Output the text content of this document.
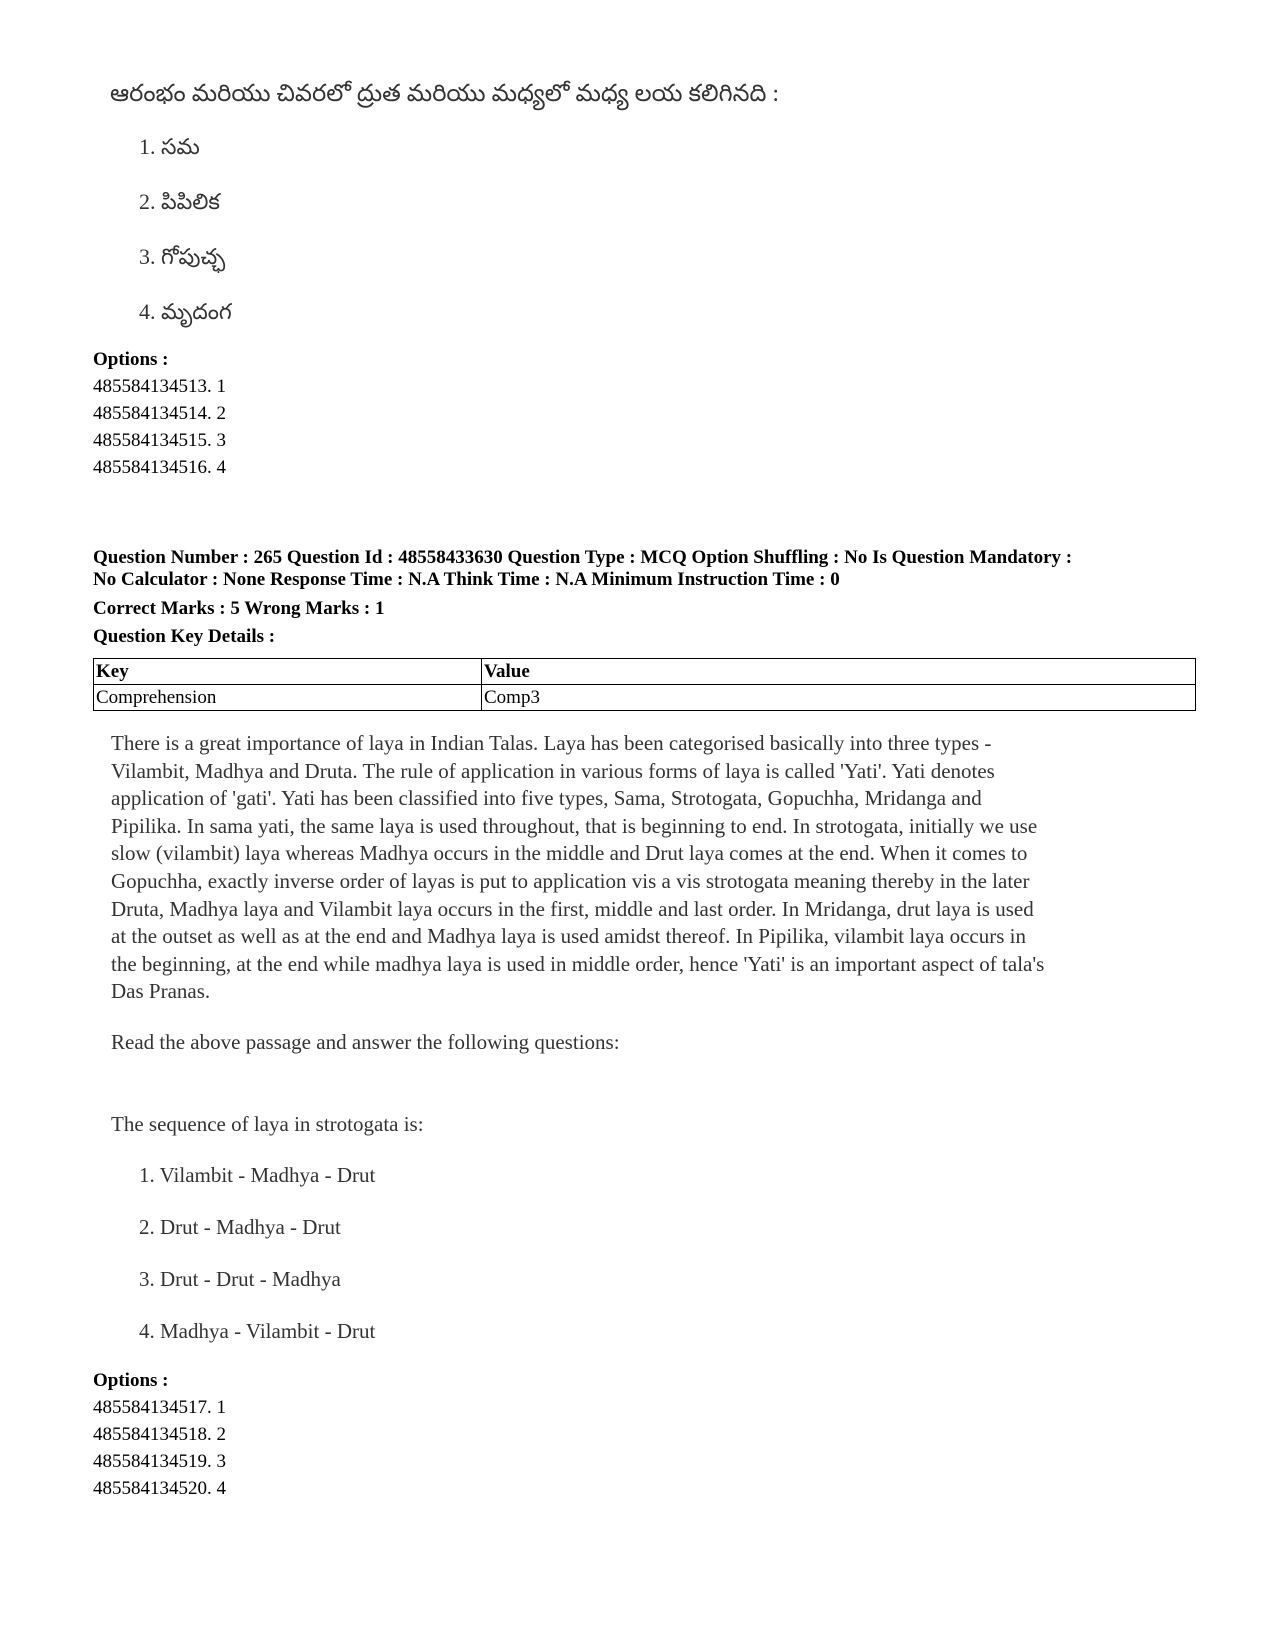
ఆరంభం మరియు చివరలో ద్రుత మరియు మధ్యలో మధ్య లయ కలిగినది :
1. సమ
2. పిపిలిక
3. గోపుచ్ఛ
4. మృదంగ
Options :
485584134513. 1
485584134514. 2
485584134515. 3
485584134516. 4
Question Number : 265 Question Id : 48558433630 Question Type : MCQ Option Shuffling : No Is Question Mandatory :
No Calculator : None Response Time : N.A Think Time : N.A Minimum Instruction Time : 0
Correct Marks : 5 Wrong Marks : 1
Question Key Details :
Key	Value
Comprehension	Comp3
There is a great importance of laya in Indian Talas. Laya has been categorised basically into three types -
Vilambit, Madhya and Druta. The rule of application in various forms of laya is called 'Yati'. Yati denotes
application of 'gati'. Yati has been classified into five types, Sama, Strotogata, Gopuchha, Mridanga and
Pipilika. In sama yati, the same laya is used throughout, that is beginning to end. In strotogata, initially we use
slow (vilambit) laya whereas Madhya occurs in the middle and Drut laya comes at the end. When it comes to
Gopuchha, exactly inverse order of layas is put to application vis a vis strotogata meaning thereby in the later
Druta, Madhya laya and Vilambit laya occurs in the first, middle and last order. In Mridanga, drut laya is used
at the outset as well as at the end and Madhya laya is used amidst thereof. In Pipilika, vilambit laya occurs in
the beginning, at the end while madhya laya is used in middle order, hence 'Yati' is an important aspect of tala's
Das Pranas.
Read the above passage and answer the following questions:
The sequence of laya in strotogata is:
1. Vilambit - Madhya - Drut
2. Drut - Madhya - Drut
3. Drut - Drut - Madhya
4. Madhya - Vilambit - Drut
Options :
485584134517. 1
485584134518. 2
485584134519. 3
485584134520. 4
